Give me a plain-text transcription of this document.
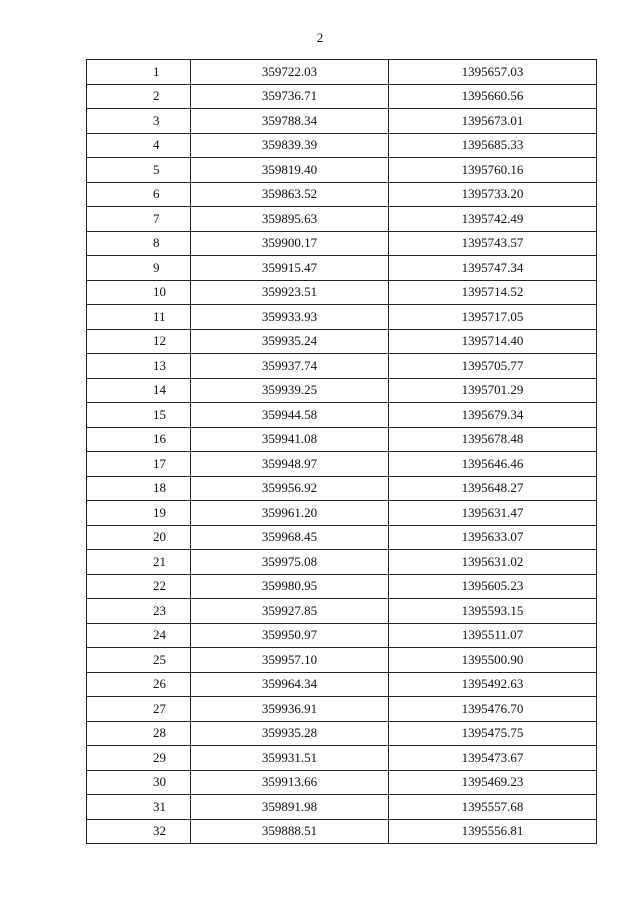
2
1	359722.03	1395657.03
2	359736.71	1395660.56
3	359788.34	1395673.01
4	359839.39	1395685.33
5	359819.40	1395760.16
6	359863.52	1395733.20
7	359895.63	1395742.49
8	359900.17	1395743.57
9	359915.47	1395747.34
10	359923.51	1395714.52
11	359933.93	1395717.05
12	359935.24	1395714.40
13	359937.74	1395705.77
14	359939.25	1395701.29
15	359944.58	1395679.34
16	359941.08	1395678.48
17	359948.97	1395646.46
18	359956.92	1395648.27
19	359961.20	1395631.47
20	359968.45	1395633.07
21	359975.08	1395631.02
22	359980.95	1395605.23
23	359927.85	1395593.15
24	359950.97	1395511.07
25	359957.10	1395500.90
26	359964.34	1395492.63
27	359936.91	1395476.70
28	359935.28	1395475.75
29	359931.51	1395473.67
30	359913.66	1395469.23
31	359891.98	1395557.68
32	359888.51	1395556.81
